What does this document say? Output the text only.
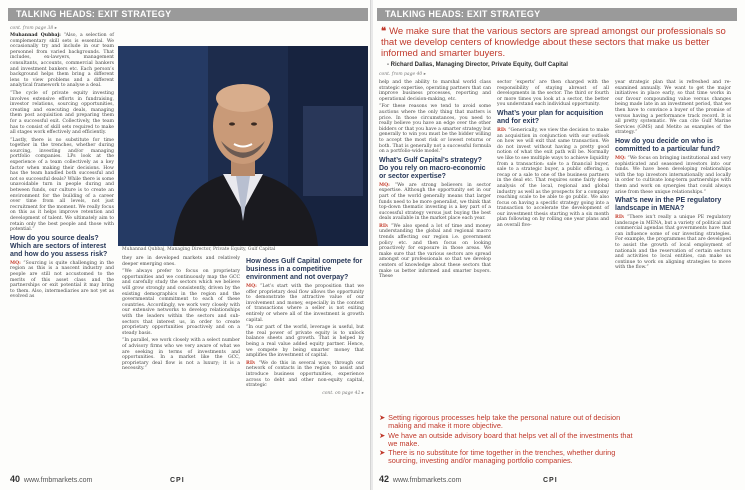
TALKING HEADS: EXIT STRATEGY
cont. from page 38 ▸

Muhannad Qubbaj: “Also, a selection of complementary skill sets is essential. We occasionally try and include in our team personnel from varied backgrounds. That includes, ex-lawyers, management consultants, accounts, commercial bankers and investment bankers etc. Each person’s background helps them bring a different lens to view problems and a different analytical framework to analyse a deal.

“The cycle of private equity investing involves extensive efforts in fundraising, investor relations, sourcing opportunities, creating and executing deals, managing them post acquisition and preparing them for a successful exit. Collectively, the team has to consist of skill sets required to make all stages work effectively and efficiently.

“Lastly, there is no substitute for time together in the trenches, whether during sourcing, investing and/or managing portfolio companies. LPs look at the experience of a team collectively as a key factor when making their decisions. How has the team handled both successful and not so successful deals? While there is some unavoidable turn in people during and between funds, our culture is to create an environment for the building of a career over time from all levels, not just recruitment for the moment. We really focus on this as it helps improve retention and development of talent. We ultimately aim to retain only the best people and those with potential.”

How do you source deals? Which are sectors of interest and how do you assess risk?

MQ: “Sourcing is quite challenging in the region as this is a nascent industry and people are still not accustomed to the merits of this asset class and the partnerships or exit potential it may bring to them. Also, intermediaries are not yet as evolved as

Muhannad Qubbaj, Managing Director, Private Equity, Gulf Capital

they are in developed markets and relatively deeper emerging ones.

“We always prefer to focus on proprietary opportunities and we continuously map the GCC and carefully study the sectors which we believe will grow strongly and consistently, driven by the existing demographics in the region and the governmental commitment to each of these countries. Accordingly, we work very closely with our extensive networks to develop relationships with the leaders within the sectors and sub-sectors that interest us, in order to create proprietary opportunities proactively and on a steady basis.

“In parallel, we work closely with a select number of advisory firms who we very aware of what we are seeking in terms of investments and opportunities. In a market like the GCC, proprietary deal flow is not a luxury; it is a necessity.”

How does Gulf Capital compete for business in a competitive environment and not overpay?

MQ: “Let’s start with the proposition that we offer proprietary deal flow allows the opportunity to demonstrate the attractive value of our involvement and money, especially in the context of transactions where a seller is not exiting entirely or where all of the investment is growth capital.

“In our part of the world, leverage is useful, but the real power of private equity is to unlock balance sheets and growth. That is helped by being a real value added equity partner. Hence, we compete by being smarter money that amplifies the investment of capital.

RD: “We do this in several ways; through our network of contacts in the region to assist and introduce business opportunities, experience across to debt and other non-equity capital, strategic

cont. on page 42 ▸
40 www.fmbmarkets.com	CPI
TALKING HEADS: EXIT STRATEGY
❝ We make sure that the various sectors are spread amongst our professionals so that we develop centers of knowledge about these sectors that make us better informed and smarter buyers.
- Richard Dallas, Managing Director, Private Equity, Gulf Capital
cont. from page 40 ▸

help and the ability to marshal world class strategic expertise, operating partners that can improve business processes, reporting and operational decision-making, etc.

“For these reasons we tend to avoid some auctions where the only thing that matters is price. In those circumstances, you need to really believe you have an edge over the other bidders or that you have a smarter strategy but generally to win you must be the bidder willing to accept the most risk or lowest returns or both. That is generally not a successful formula on a portfolio-wide model.”

What’s Gulf Capital’s strategy? Do you rely on macro-economic or sector expertise?

MQ: “We are strong believers in sector expertise. Although the opportunity set in our part of the world generally means that larger funds need to be more generalist, we think that top-down thematic investing is a key part of a successful strategy versus just buying the best deals available in the market place each year.

RD: “We also spend a lot of time and money understanding the global and regional macro trends affecting our region i.e. government policy etc. and then focus on looking proactively for exposure in those areas. We make sure that the various sectors are spread amongst our professionals so that we develop centers of knowledge about these sectors that make us better informed and smarter buyers. These

sector ‘experts’ are then charged with the responsibility of staying abreast of all developments in the sector. The third or fourth or more times you look at a sector, the better you understand each individual opportunity.

What’s your plan for acquisition and for exit?

RD: “Generically, we view the decision to make an acquisition in conjunction with our outlook on how we will exit that same transaction. We do not invest without having a pretty good notion of what the exit path will be. Normally we like to see multiple ways to achieve liquidity from a transaction: sale to a financial buyer, sale to a strategic buyer, a public offering, a recap or a sale to one of the business partners in the deal etc. That requires some fairly deep analysis of the local, regional and global industry as well as the prospects for a company reaching scale to be able to go public. We also focus on having a specific strategy going into a transaction to accelerate the development of our investment thesis starting with a six month plan following on by rolling one year plans and an overall five-

year strategic plan that is refreshed and re-examined annually. We want to get the major initiatives in place early, so that time works in our favour compounding value versus changes being made late in an investment period, that we then have to convince a buyer of the promise of versus having a performance track record. It is all pretty systematic. We can cite Gulf Marine Services (GMS) and Metito as examples of the strategy.”

How do you decide on who is committed to a particular fund?

MQ: “We focus on bringing institutional and very sophisticated and seasoned investors into our funds. We have been developing relationships with the top investors internationally and locally in order to cultivate long-term partnerships with them and work on synergies that could always arise from these unique relationships.”

What’s new in the PE regulatory landscape in MENA?

RD: “There isn’t really a unique PE regulatory landscape in MENA, but a variety of political and commercial agendas that governments have that can influence some of our investing strategies. For example, the programmes that are developed to assist the growth of local employment of nationals and the reservation of certain sectors and activities to local entities, can make us continue to work on aligning strategies to move with the flow.”

➤ Setting rigorous processes help take the personal nature out of decision making and make it more objective.
➤ We have an outside advisory board that helps vet all of the investments that we make.
➤ There is no substitute for time together in the trenches, whether during sourcing, investing and/or managing portfolio companies.
42 www.fmbmarkets.com	CPI
